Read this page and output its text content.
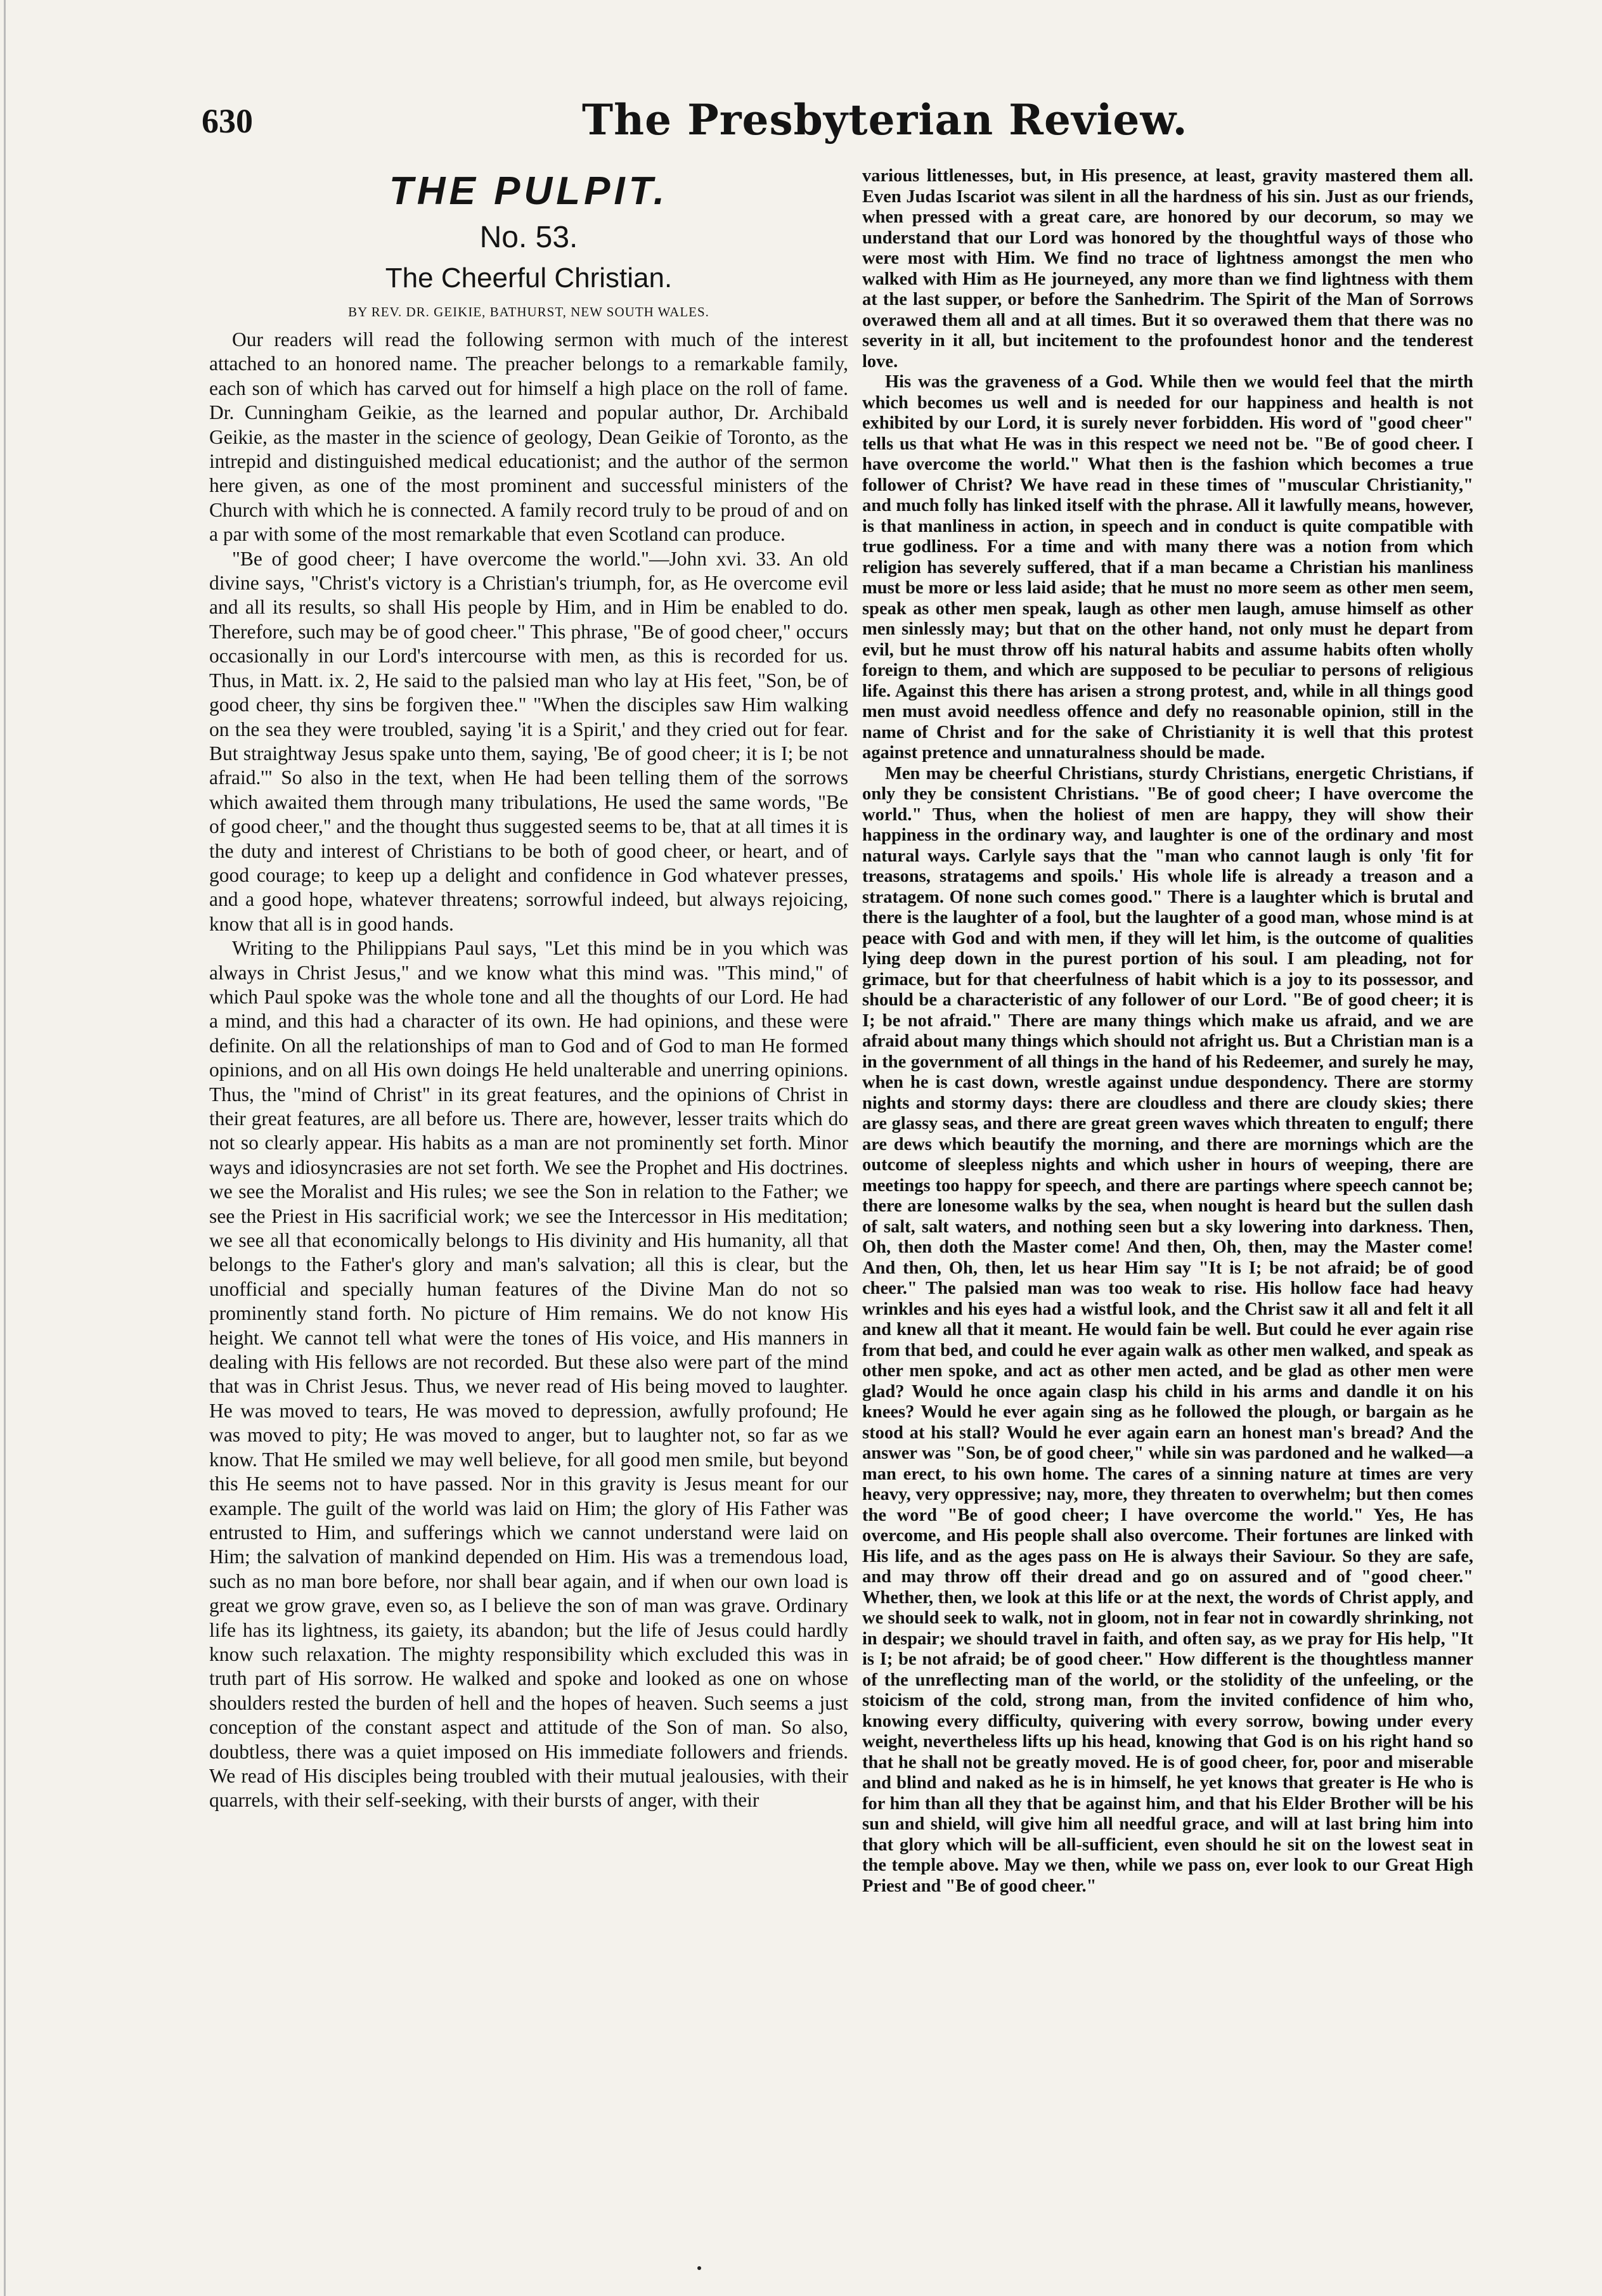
630	The Presbyterian Review.
THE PULPIT.
No. 53.
The Cheerful Christian.
BY REV. DR. GEIKIE, BATHURST, NEW SOUTH WALES.

Our readers will read the following sermon with much of the interest attached to an honored name. The preacher belongs to a remarkable family, each son of which has carved out for himself a high place on the roll of fame. Dr. Cunningham Geikie, as the learned and popular author, Dr. Archibald Geikie, as the master in the science of geology, Dean Geikie of Toronto, as the intrepid and distinguished medical educationist; and the author of the sermon here given, as one of the most prominent and successful ministers of the Church with which he is connected. A family record truly to be proud of and on a par with some of the most remarkable that even Scotland can produce.

"Be of good cheer; I have overcome the world."—John xvi. 33. An old divine says, "Christ's victory is a Christian's triumph, for, as He overcome evil and all its results, so shall His people by Him, and in Him be enabled to do. Therefore, such may be of good cheer." This phrase, "Be of good cheer," occurs occasionally in our Lord's intercourse with men, as this is recorded for us. Thus, in Matt. ix. 2, He said to the palsied man who lay at His feet, "Son, be of good cheer, thy sins be forgiven thee." "When the disciples saw Him walking on the sea they were troubled, saying 'it is a Spirit,' and they cried out for fear. But straightway Jesus spake unto them, saying, 'Be of good cheer; it is I; be not afraid.'" So also in the text, when He had been telling them of the sorrows which awaited them through many tribulations, He used the same words, "Be of good cheer," and the thought thus suggested seems to be, that at all times it is the duty and interest of Christians to be both of good cheer, or heart, and of good courage; to keep up a delight and confidence in God whatever presses, and a good hope, whatever threatens; sorrowful indeed, but always rejoicing, know that all is in good hands.

Writing to the Philippians Paul says, "Let this mind be in you which was always in Christ Jesus," and we know what this mind was. "This mind," of which Paul spoke was the whole tone and all the thoughts of our Lord. He had a mind, and this had a character of its own. He had opinions, and these were definite. On all the relationships of man to God and of God to man He formed opinions, and on all His own doings He held unalterable and unerring opinions. Thus, the "mind of Christ" in its great features, and the opinions of Christ in their great features, are all before us. There are, however, lesser traits which do not so clearly appear. His habits as a man are not prominently set forth. Minor ways and idiosyncrasies are not set forth. We see the Prophet and His doctrines. we see the Moralist and His rules; we see the Son in relation to the Father; we see the Priest in His sacrificial work; we see the Intercessor in His meditation; we see all that economically belongs to His divinity and His humanity, all that belongs to the Father's glory and man's salvation; all this is clear, but the unofficial and specially human features of the Divine Man do not so prominently stand forth. No picture of Him remains. We do not know His height. We cannot tell what were the tones of His voice, and His manners in dealing with His fellows are not recorded. But these also were part of the mind that was in Christ Jesus. Thus, we never read of His being moved to laughter. He was moved to tears, He was moved to depression, awfully profound; He was moved to pity; He was moved to anger, but to laughter not, so far as we know. That He smiled we may well believe, for all good men smile, but beyond this He seems not to have passed. Nor in this gravity is Jesus meant for our example. The guilt of the world was laid on Him; the glory of His Father was entrusted to Him, and sufferings which we cannot understand were laid on Him; the salvation of mankind depended on Him. His was a tremendous load, such as no man bore before, nor shall bear again, and if when our own load is great we grow grave, even so, as I believe the son of man was grave. Ordinary life has its lightness, its gaiety, its abandon; but the life of Jesus could hardly know such relaxation. The mighty responsibility which excluded this was in truth part of His sorrow. He walked and spoke and looked as one on whose shoulders rested the burden of hell and the hopes of heaven. Such seems a just conception of the constant aspect and attitude of the Son of man. So also, doubtless, there was a quiet imposed on His immediate followers and friends. We read of His disciples being troubled with their mutual jealousies, with their quarrels, with their self-seeking, with their bursts of anger, with their

various littlenesses, but, in His presence, at least, gravity mastered them all. Even Judas Iscariot was silent in all the hardness of his sin. Just as our friends, when pressed with a great care, are honored by our decorum, so may we understand that our Lord was honored by the thoughtful ways of those who were most with Him. We find no trace of lightness amongst the men who walked with Him as He journeyed, any more than we find lightness with them at the last supper, or before the Sanhedrim. The Spirit of the Man of Sorrows overawed them all and at all times. But it so overawed them that there was no severity in it all, but incitement to the profoundest honor and the tenderest love.

His was the graveness of a God. While then we would feel that the mirth which becomes us well and is needed for our happiness and health is not exhibited by our Lord, it is surely never forbidden. His word of "good cheer" tells us that what He was in this respect we need not be. "Be of good cheer. I have overcome the world." What then is the fashion which becomes a true follower of Christ? We have read in these times of "muscular Christianity," and much folly has linked itself with the phrase. All it lawfully means, however, is that manliness in action, in speech and in conduct is quite compatible with true godliness. For a time and with many there was a notion from which religion has severely suffered, that if a man became a Christian his manliness must be more or less laid aside; that he must no more seem as other men seem, speak as other men speak, laugh as other men laugh, amuse himself as other men sinlessly may; but that on the other hand, not only must he depart from evil, but he must throw off his natural habits and assume habits often wholly foreign to them, and which are supposed to be peculiar to persons of religious life. Against this there has arisen a strong protest, and, while in all things good men must avoid needless offence and defy no reasonable opinion, still in the name of Christ and for the sake of Christianity it is well that this protest against pretence and unnaturalness should be made.

Men may be cheerful Christians, sturdy Christians, energetic Christians, if only they be consistent Christians. "Be of good cheer; I have overcome the world." Thus, when the holiest of men are happy, they will show their happiness in the ordinary way, and laughter is one of the ordinary and most natural ways. Carlyle says that the "man who cannot laugh is only 'fit for treasons, stratagems and spoils.' His whole life is already a treason and a stratagem. Of none such comes good." There is a laughter which is brutal and there is the laughter of a fool, but the laughter of a good man, whose mind is at peace with God and with men, if they will let him, is the outcome of qualities lying deep down in the purest portion of his soul. I am pleading, not for grimace, but for that cheerfulness of habit which is a joy to its possessor, and should be a characteristic of any follower of our Lord. "Be of good cheer; it is I; be not afraid." There are many things which make us afraid, and we are afraid about many things which should not afright us. But a Christian man is a in the government of all things in the hand of his Redeemer, and surely he may, when he is cast down, wrestle against undue despondency. There are stormy nights and stormy days: there are cloudless and there are cloudy skies; there are glassy seas, and there are great green waves which threaten to engulf; there are dews which beautify the morning, and there are mornings which are the outcome of sleepless nights and which usher in hours of weeping, there are meetings too happy for speech, and there are partings where speech cannot be; there are lonesome walks by the sea, when nought is heard but the sullen dash of salt, salt waters, and nothing seen but a sky lowering into darkness. Then, Oh, then doth the Master come! And then, Oh, then, may the Master come! And then, Oh, then, let us hear Him say "It is I; be not afraid; be of good cheer." The palsied man was too weak to rise. His hollow face had heavy wrinkles and his eyes had a wistful look, and the Christ saw it all and felt it all and knew all that it meant. He would fain be well. But could he ever again rise from that bed, and could he ever again walk as other men walked, and speak as other men spoke, and act as other men acted, and be glad as other men were glad? Would he once again clasp his child in his arms and dandle it on his knees? Would he ever again sing as he followed the plough, or bargain as he stood at his stall? Would he ever again earn an honest man's bread? And the answer was "Son, be of good cheer," while sin was pardoned and he walked—a man erect, to his own home. The cares of a sinning nature at times are very heavy, very oppressive; nay, more, they threaten to overwhelm; but then comes the word "Be of good cheer; I have overcome the world." Yes, He has overcome, and His people shall also overcome. Their fortunes are linked with His life, and as the ages pass on He is always their Saviour. So they are safe, and may throw off their dread and go on assured and of "good cheer." Whether, then, we look at this life or at the next, the words of Christ apply, and we should seek to walk, not in gloom, not in fear not in cowardly shrinking, not in despair; we should travel in faith, and often say, as we pray for His help, "It is I; be not afraid; be of good cheer." How different is the thoughtless manner of the unreflecting man of the world, or the stolidity of the unfeeling, or the stoicism of the cold, strong man, from the invited confidence of him who, knowing every difficulty, quivering with every sorrow, bowing under every weight, nevertheless lifts up his head, knowing that God is on his right hand so that he shall not be greatly moved. He is of good cheer, for, poor and miserable and blind and naked as he is in himself, he yet knows that greater is He who is for him than all they that be against him, and that his Elder Brother will be his sun and shield, will give him all needful grace, and will at last bring him into that glory which will be all-sufficient, even should he sit on the lowest seat in the temple above. May we then, while we pass on, ever look to our Great High Priest and "Be of good cheer."
